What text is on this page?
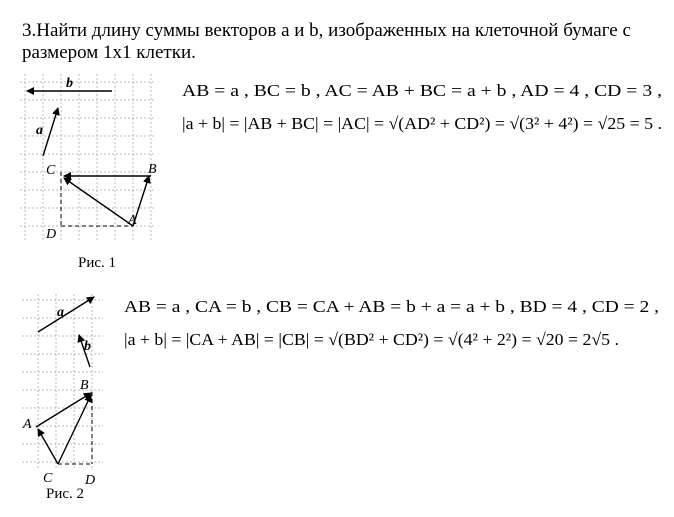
3.Найти длину суммы векторов a и b, изображенных на клеточной бумаге с размером 1х1 клетки.

b
a
C	B
A
D
Рис. 1
a
b
B
A
C D
Рис. 2
AB = a , BC = b , AC = AB + BC = a + b , AD = 4 , CD = 3 ,
|a + b| = |AB + BC| = |AC| = √(AD² + CD²) = √(3² + 4²) = √25 = 5 .
AB = a , CA = b , CB = CA + AB = b + a = a + b , BD = 4 , CD = 2 ,
|a + b| = |CA + AB| = |CB| = √(BD² + CD²) = √(4² + 2²) = √20 = 2√5 .
